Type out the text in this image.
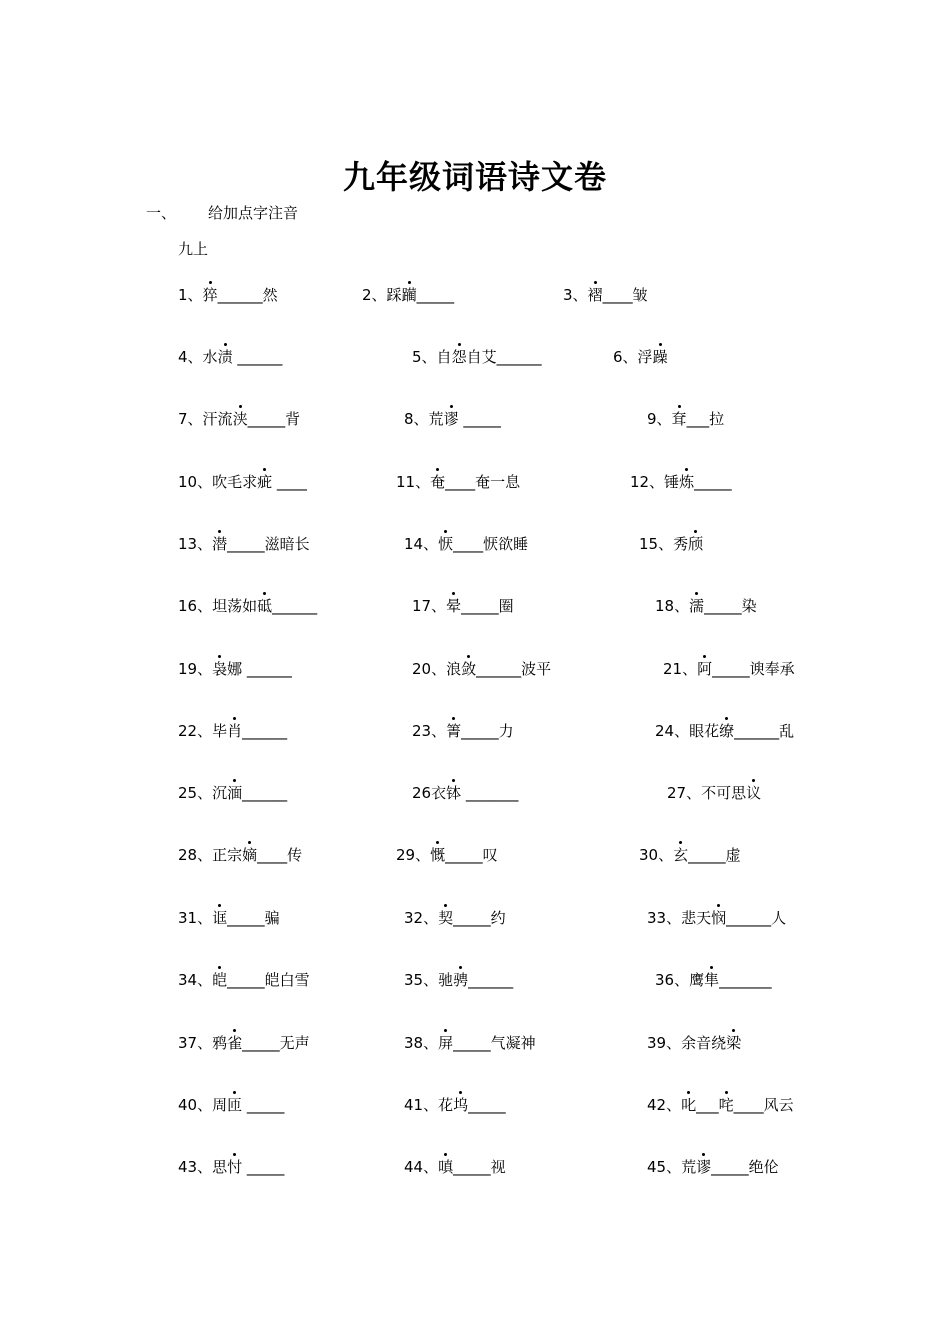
九年级词语诗文卷
一、 给加点字注音
九上
1、猝______然	2、踩躏_____	3、褶____皱
4、水渍 ______	5、自怨自艾______	6、浮躁
7、汗流浃_____背	8、荒谬 _____	9、耷___拉
10、吹毛求疵 ____	11、奄____奄一息	12、锤炼_____
13、潜_____滋暗长	14、恹____恹欲睡	15、秀颀
16、坦荡如砥______	17、晕_____圈	18、濡_____染
19、袅娜 ______	20、浪敛______波平	21、阿_____谀奉承
22、毕肖______	23、箐_____力	24、眼花缭______乱
25、沉湎______	26衣钵 _______	27、不可思议
28、正宗嫡____传	29、慨_____叹	30、玄_____虚
31、诓_____骗	32、契_____约	33、悲天悯______人
34、皑_____皑白雪	35、驰骋______	36、鹰隼_______
37、鸦雀_____无声	38、屏_____气凝神	39、余音绕梁
40、周匝 _____	41、花坞_____	42、叱___咤____风云
43、思忖 _____	44、嗔_____视	45、荒谬_____绝伦
